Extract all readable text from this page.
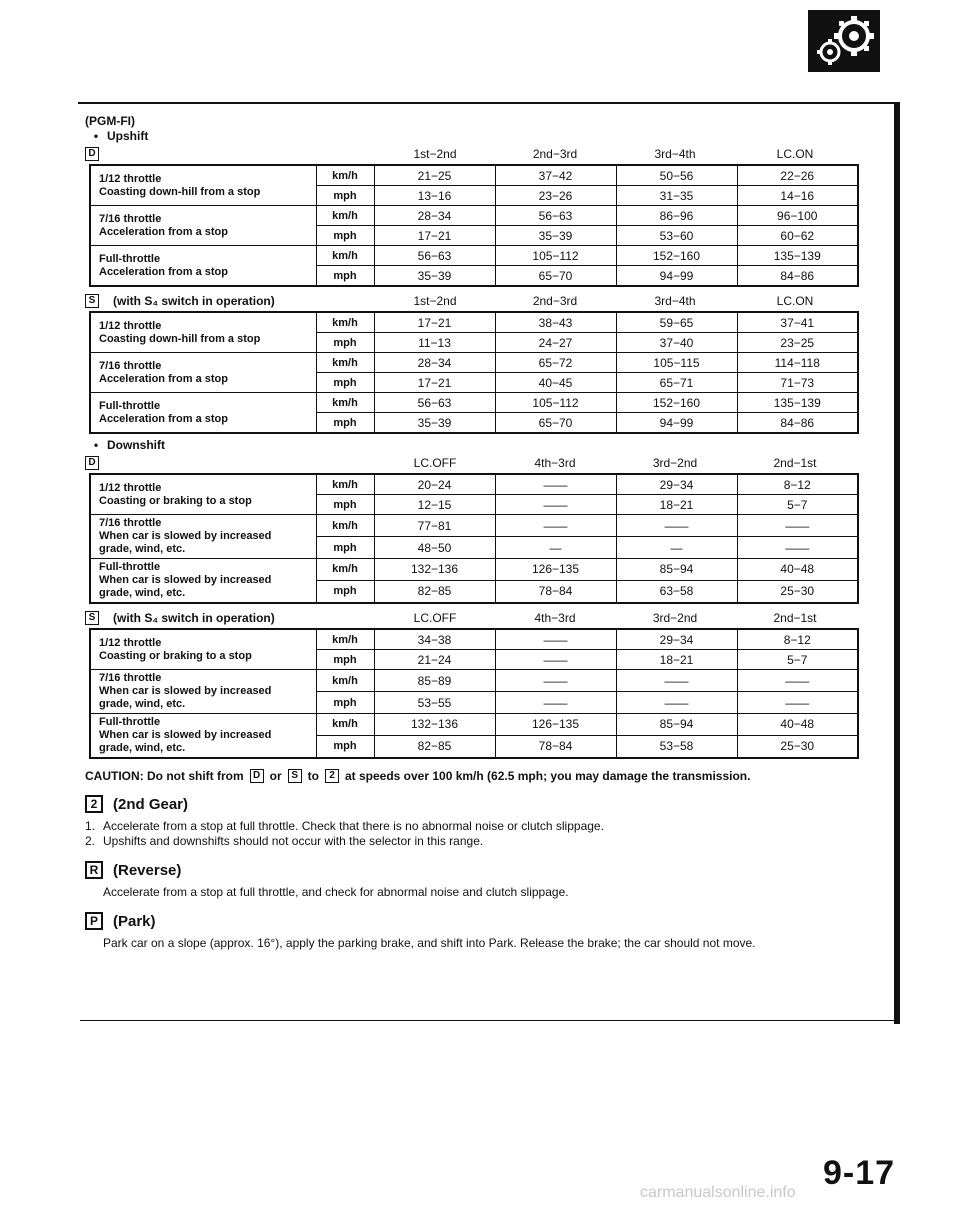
(PGM-FI)
• Upshift
D	1st−2nd	2nd−3rd	3rd−4th	LC.ON
1/12 throttle
Coasting down-hill from a stop	km/h	21−25	37−42	50−56	22−26
	mph	13−16	23−26	31−35	14−16

7/16 throttle
Acceleration from a stop	km/h	28−34	56−63	86−96	96−100
	mph	17−21	35−39	53−60	60−62

Full-throttle
Acceleration from a stop	km/h	56−63	105−112	152−160	135−139
	mph	35−39	65−70	94−99	84−86
S	(with S₄ switch in operation)	1st−2nd	2nd−3rd	3rd−4th	LC.ON
1/12 throttle
Coasting down-hill from a stop	km/h	17−21	38−43	59−65	37−41
	mph	11−13	24−27	37−40	23−25

7/16 throttle
Acceleration from a stop	km/h	28−34	65−72	105−115	114−118
	mph	17−21	40−45	65−71	71−73

Full-throttle
Acceleration from a stop	km/h	56−63	105−112	152−160	135−139
	mph	35−39	65−70	94−99	84−86
• Downshift
D	LC.OFF	4th−3rd	3rd−2nd	2nd−1st
1/12 throttle
Coasting or braking to a stop	km/h	20−24	——	29−34	8−12
	mph	12−15	——	18−21	5−7

7/16 throttle
When car is slowed by increased
grade, wind, etc.	km/h	77−81	——	——	——
	mph	48−50	—	—	——

Full-throttle
When car is slowed by increased
grade, wind, etc.	km/h	132−136	126−135	85−94	40−48
	mph	82−85	78−84	63−58	25−30
S	(with S₄ switch in operation)	LC.OFF	4th−3rd	3rd−2nd	2nd−1st
1/12 throttle
Coasting or braking to a stop	km/h	34−38	——	29−34	8−12
	mph	21−24	——	18−21	5−7

7/16 throttle
When car is slowed by increased
grade, wind, etc.	km/h	85−89	——	——	——
	mph	53−55	——	——	——

Full-throttle
When car is slowed by increased
grade, wind, etc.	km/h	132−136	126−135	85−94	40−48
	mph	82−85	78−84	53−58	25−30
CAUTION: Do not shift from D or S to	2 at speeds over 100 km/h (62.5 mph; you may damage the transmission.
2	(2nd Gear)
1. Accelerate from a stop at full throttle. Check that there is no abnormal noise or clutch slippage.
2. Upshifts and downshifts should not occur with the selector in this range.
R (Reverse)

Accelerate from a stop at full throttle, and check for abnormal noise and clutch slippage.

P	(Park)

Park car on a slope (approx. 16°), apply the parking brake, and shift into Park. Release the brake; the car should not move.

9-17
carmanualsonline.info
